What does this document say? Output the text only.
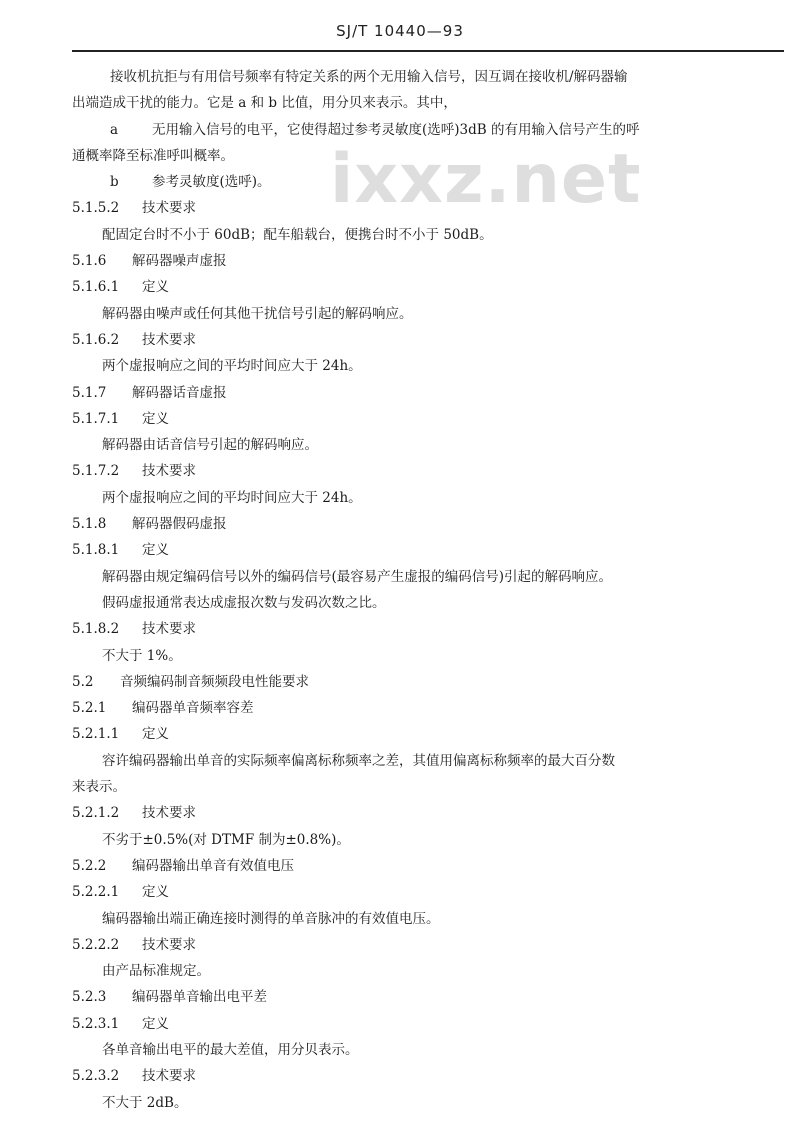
SJ/T 10440—93
ixxz.net
接收机抗拒与有用信号频率有特定关系的两个无用输入信号，因互调在接收机/解码器输
出端造成干扰的能力。它是 a 和 b 比值，用分贝来表示。其中，
a	无用输入信号的电平，它使得超过参考灵敏度(选呼)3dB 的有用输入信号产生的呼
通概率降至标准呼叫概率。
b 参考灵敏度(选呼)。
5.1.5.2 技术要求
配固定台时不小于 60dB；配车船载台，便携台时不小于 50dB。
5.1.6 解码器噪声虚报
5.1.6.1 定义
解码器由噪声或任何其他干扰信号引起的解码响应。
5.1.6.2 技术要求
两个虚报响应之间的平均时间应大于 24h。
5.1.7 解码器话音虚报
5.1.7.1 定义
解码器由话音信号引起的解码响应。
5.1.7.2 技术要求
两个虚报响应之间的平均时间应大于 24h。
5.1.8 解码器假码虚报
5.1.8.1 定义
解码器由规定编码信号以外的编码信号(最容易产生虚报的编码信号)引起的解码响应。
假码虚报通常表达成虚报次数与发码次数之比。
5.1.8.2 技术要求
不大于 1%。
5.2 音频编码制音频频段电性能要求
5.2.1 编码器单音频率容差
5.2.1.1 定义
容许编码器输出单音的实际频率偏离标称频率之差，其值用偏离标称频率的最大百分数
来表示。
5.2.1.2 技术要求
不劣于±0.5%(对 DTMF 制为±0.8%)。
5.2.2 编码器输出单音有效值电压
5.2.2.1 定义
编码器输出端正确连接时测得的单音脉冲的有效值电压。
5.2.2.2 技术要求
由产品标准规定。
5.2.3 编码器单音输出电平差
5.2.3.1 定义
各单音输出电平的最大差值，用分贝表示。
5.2.3.2 技术要求
不大于 2dB。
